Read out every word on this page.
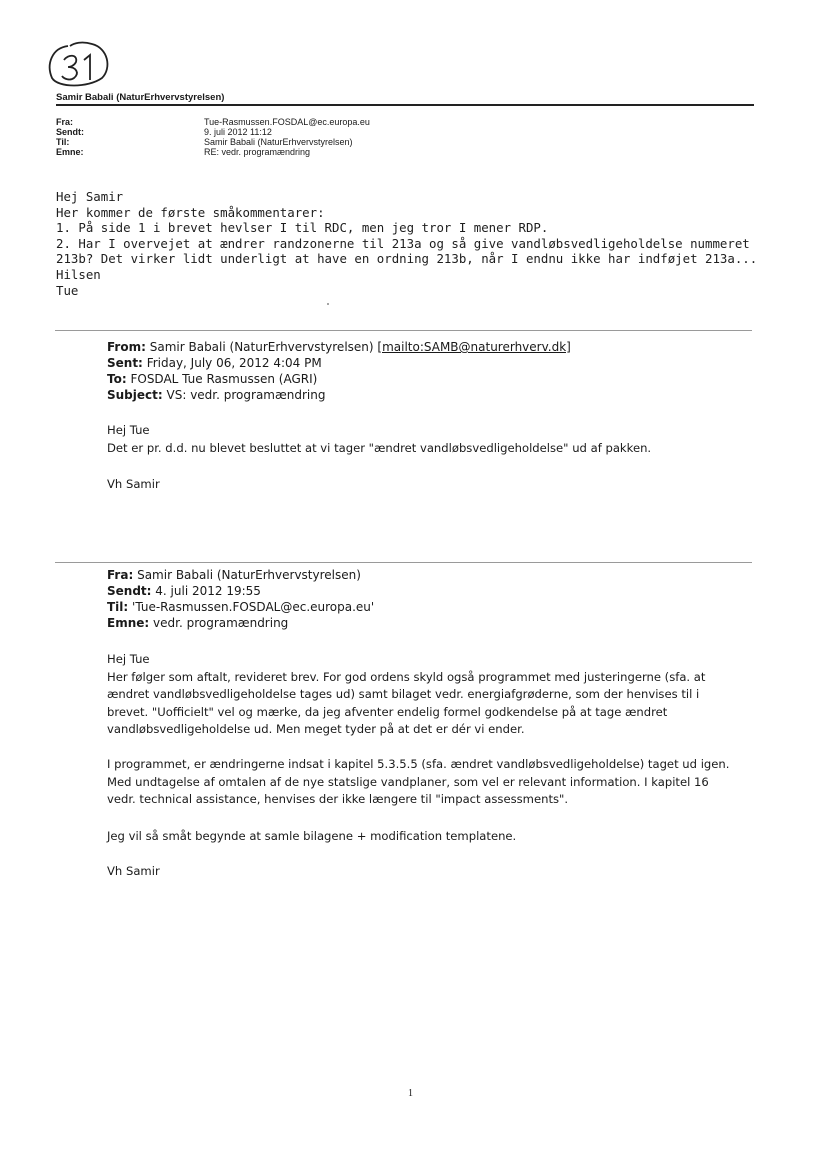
Samir Babali (NaturErhvervstyrelsen)
Fra:	Tue-Rasmussen.FOSDAL@ec.europa.eu
Sendt:	9. juli 2012 11:12
Til:	Samir Babali (NaturErhvervstyrelsen)
Emne:	RE: vedr. programændring
Hej Samir
Her kommer de første småkommentarer:
1. På side 1 i brevet hevlser I til RDC, men jeg tror I mener RDP.
2. Har I overvejet at ændrer randzonerne til 213a og så give vandløbsvedligeholdelse nummeret
213b? Det virker lidt underligt at have en ordning 213b, når I endnu ikke har indføjet 213a...
Hilsen
Tue
From: Samir Babali (NaturErhvervstyrelsen) [mailto:SAMB@naturerhverv.dk]
Sent: Friday, July 06, 2012 4:04 PM
To: FOSDAL Tue Rasmussen (AGRI)
Subject: VS: vedr. programændring
Hej Tue
Det er pr. d.d. nu blevet besluttet at vi tager "ændret vandløbsvedligeholdelse" ud af pakken.
Vh Samir
Fra: Samir Babali (NaturErhvervstyrelsen)
Sendt: 4. juli 2012 19:55
Til: 'Tue-Rasmussen.FOSDAL@ec.europa.eu'
Emne: vedr. programændring
Hej Tue
Her følger som aftalt, revideret brev. For god ordens skyld også programmet med justeringerne (sfa. at
ændret vandløbsvedligeholdelse tages ud) samt bilaget vedr. energiafgrøderne, som der henvises til i
brevet. "Uofficielt" vel og mærke, da jeg afventer endelig formel godkendelse på at tage ændret
vandløbsvedligeholdelse ud. Men meget tyder på at det er dér vi ender.
I programmet, er ændringerne indsat i kapitel 5.3.5.5 (sfa. ændret vandløbsvedligeholdelse) taget ud igen.
Med undtagelse af omtalen af de nye statslige vandplaner, som vel er relevant information. I kapitel 16
vedr. technical assistance, henvises der ikke længere til "impact assessments".
Jeg vil så småt begynde at samle bilagene + modification templatene.
Vh Samir
1
